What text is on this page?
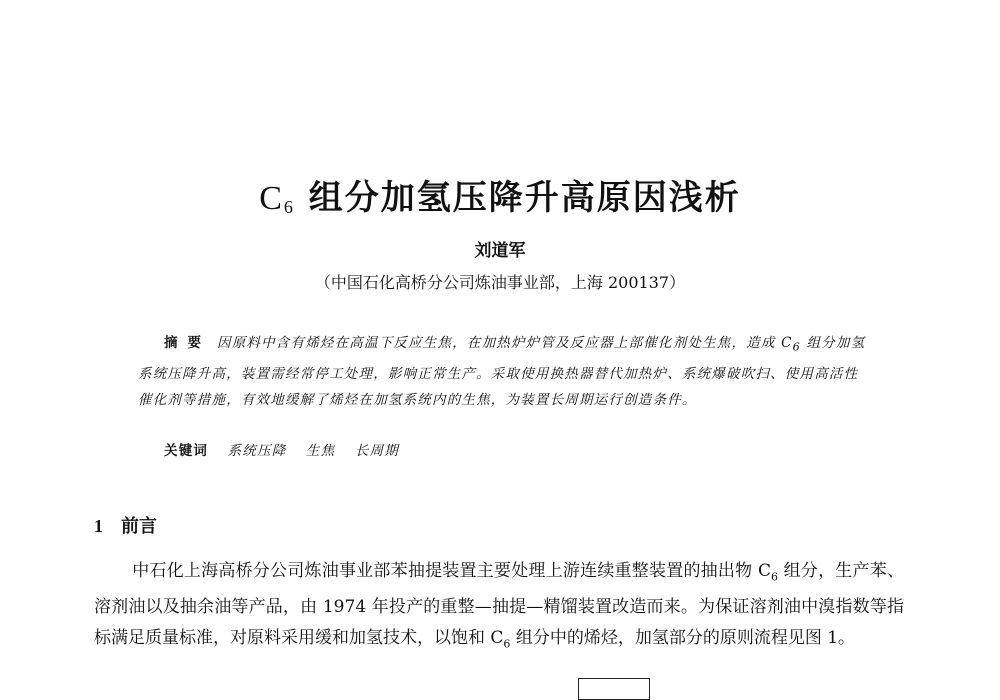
$C_6$ 组分加氢压降升高原因浅析
刘道军
（中国石化高桥分公司炼油事业部，上海 200137）
摘要 因原料中含有烯烃在高温下反应生焦，在加热炉炉管及反应器上部催化剂处生焦，造成 $C_6$ 组分加氢系统压降升高，装置需经常停工处理，影响正常生产。采取使用换热器替代加热炉、系统爆破吹扫、使用高活性催化剂等措施，有效地缓解了烯烃在加氢系统内的生焦，为装置长周期运行创造条件。
关键词 系统压降 生焦 长周期
1 前言
中石化上海高桥分公司炼油事业部苯抽提装置主要处理上游连续重整装置的抽出物 $C_6$ 组分，生产苯、溶剂油以及抽余油等产品，由 1974 年投产的重整—抽提—精馏装置改造而来。为保证溶剂油中溴指数等指标满足质量标准，对原料采用缓和加氢技术，以饱和 $C_6$ 组分中的烯烃，加氢部分的原则流程见图 1。
